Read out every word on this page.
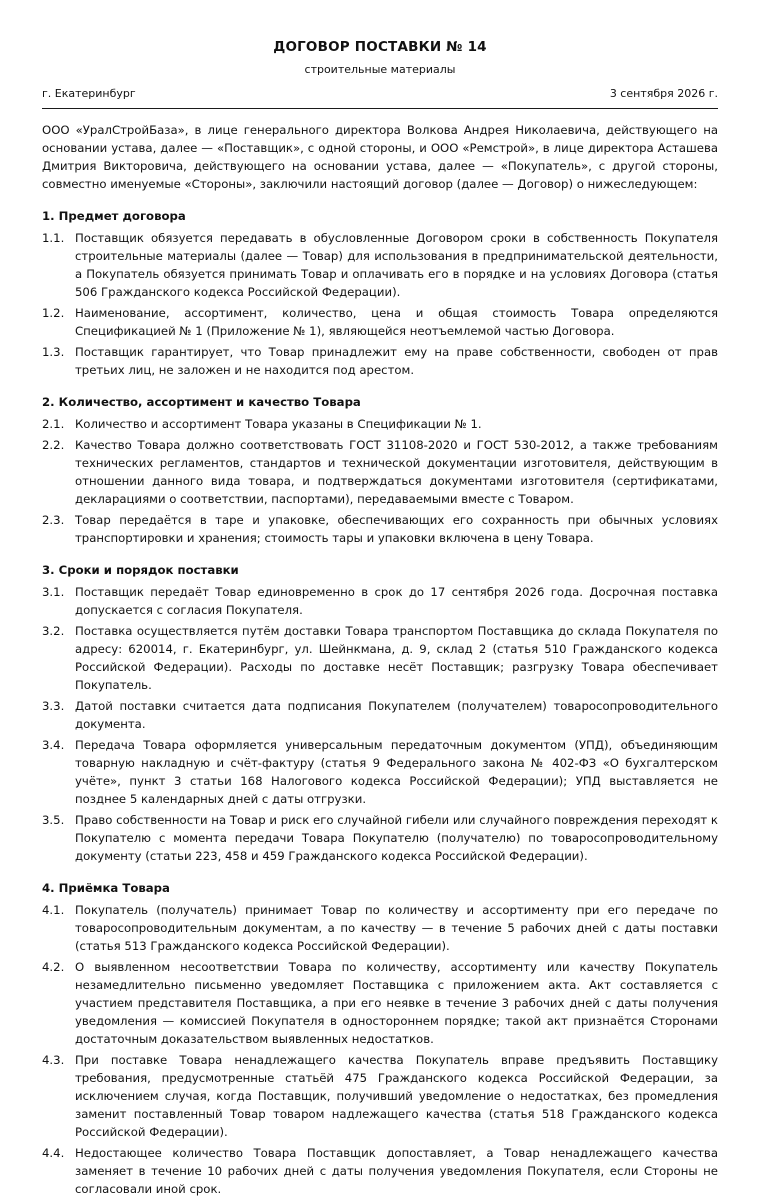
ДОГОВОР ПОСТАВКИ № 14
строительные материалы
г. Екатеринбург	3 сентября 2026 г.
ООО «УралСтройБаза», в лице генерального директора Волкова Андрея Николаевича, действующего на основании устава, далее — «Поставщик», с одной стороны, и ООО «Ремстрой», в лице директора Асташева Дмитрия Викторовича, действующего на основании устава, далее — «Покупатель», с другой стороны, совместно именуемые «Стороны», заключили настоящий договор (далее — Договор) о нижеследующем:
1. Предмет договора
1.1. Поставщик обязуется передавать в обусловленные Договором сроки в собственность Покупателя строительные материалы (далее — Товар) для использования в предпринимательской деятельности, а Покупатель обязуется принимать Товар и оплачивать его в порядке и на условиях Договора (статья 506 Гражданского кодекса Российской Федерации).
1.2. Наименование, ассортимент, количество, цена и общая стоимость Товара определяются Спецификацией № 1 (Приложение № 1), являющейся неотъемлемой частью Договора.
1.3. Поставщик гарантирует, что Товар принадлежит ему на праве собственности, свободен от прав третьих лиц, не заложен и не находится под арестом.
2. Количество, ассортимент и качество Товара
2.1. Количество и ассортимент Товара указаны в Спецификации № 1.
2.2. Качество Товара должно соответствовать ГОСТ 31108-2020 и ГОСТ 530-2012, а также требованиям технических регламентов, стандартов и технической документации изготовителя, действующим в отношении данного вида товара, и подтверждаться документами изготовителя (сертификатами, декларациями о соответствии, паспортами), передаваемыми вместе с Товаром.
2.3. Товар передаётся в таре и упаковке, обеспечивающих его сохранность при обычных условиях транспортировки и хранения; стоимость тары и упаковки включена в цену Товара.
3. Сроки и порядок поставки
3.1. Поставщик передаёт Товар единовременно в срок до 17 сентября 2026 года. Досрочная поставка допускается с согласия Покупателя.
3.2. Поставка осуществляется путём доставки Товара транспортом Поставщика до склада Покупателя по адресу: 620014, г. Екатеринбург, ул. Шейнкмана, д. 9, склад 2 (статья 510 Гражданского кодекса Российской Федерации). Расходы по доставке несёт Поставщик; разгрузку Товара обеспечивает Покупатель.
3.3. Датой поставки считается дата подписания Покупателем (получателем) товаросопроводительного документа.
3.4. Передача Товара оформляется универсальным передаточным документом (УПД), объединяющим товарную накладную и счёт-фактуру (статья 9 Федерального закона № 402-ФЗ «О бухгалтерском учёте», пункт 3 статьи 168 Налогового кодекса Российской Федерации); УПД выставляется не позднее 5 календарных дней с даты отгрузки.
3.5. Право собственности на Товар и риск его случайной гибели или случайного повреждения переходят к Покупателю с момента передачи Товара Покупателю (получателю) по товаросопроводительному документу (статьи 223, 458 и 459 Гражданского кодекса Российской Федерации).
4. Приёмка Товара
4.1. Покупатель (получатель) принимает Товар по количеству и ассортименту при его передаче по товаросопроводительным документам, а по качеству — в течение 5 рабочих дней с даты поставки (статья 513 Гражданского кодекса Российской Федерации).
4.2. О выявленном несоответствии Товара по количеству, ассортименту или качеству Покупатель незамедлительно письменно уведомляет Поставщика с приложением акта. Акт составляется с участием представителя Поставщика, а при его неявке в течение 3 рабочих дней с даты получения уведомления — комиссией Покупателя в одностороннем порядке; такой акт признаётся Сторонами достаточным доказательством выявленных недостатков.
4.3. При поставке Товара ненадлежащего качества Покупатель вправе предъявить Поставщику требования, предусмотренные статьёй 475 Гражданского кодекса Российской Федерации, за исключением случая, когда Поставщик, получивший уведомление о недостатках, без промедления заменит поставленный Товар товаром надлежащего качества (статья 518 Гражданского кодекса Российской Федерации).
4.4. Недостающее количество Товара Поставщик допоставляет, а Товар ненадлежащего качества заменяет в течение 10 рабочих дней с даты получения уведомления Покупателя, если Стороны не согласовали иной срок.
